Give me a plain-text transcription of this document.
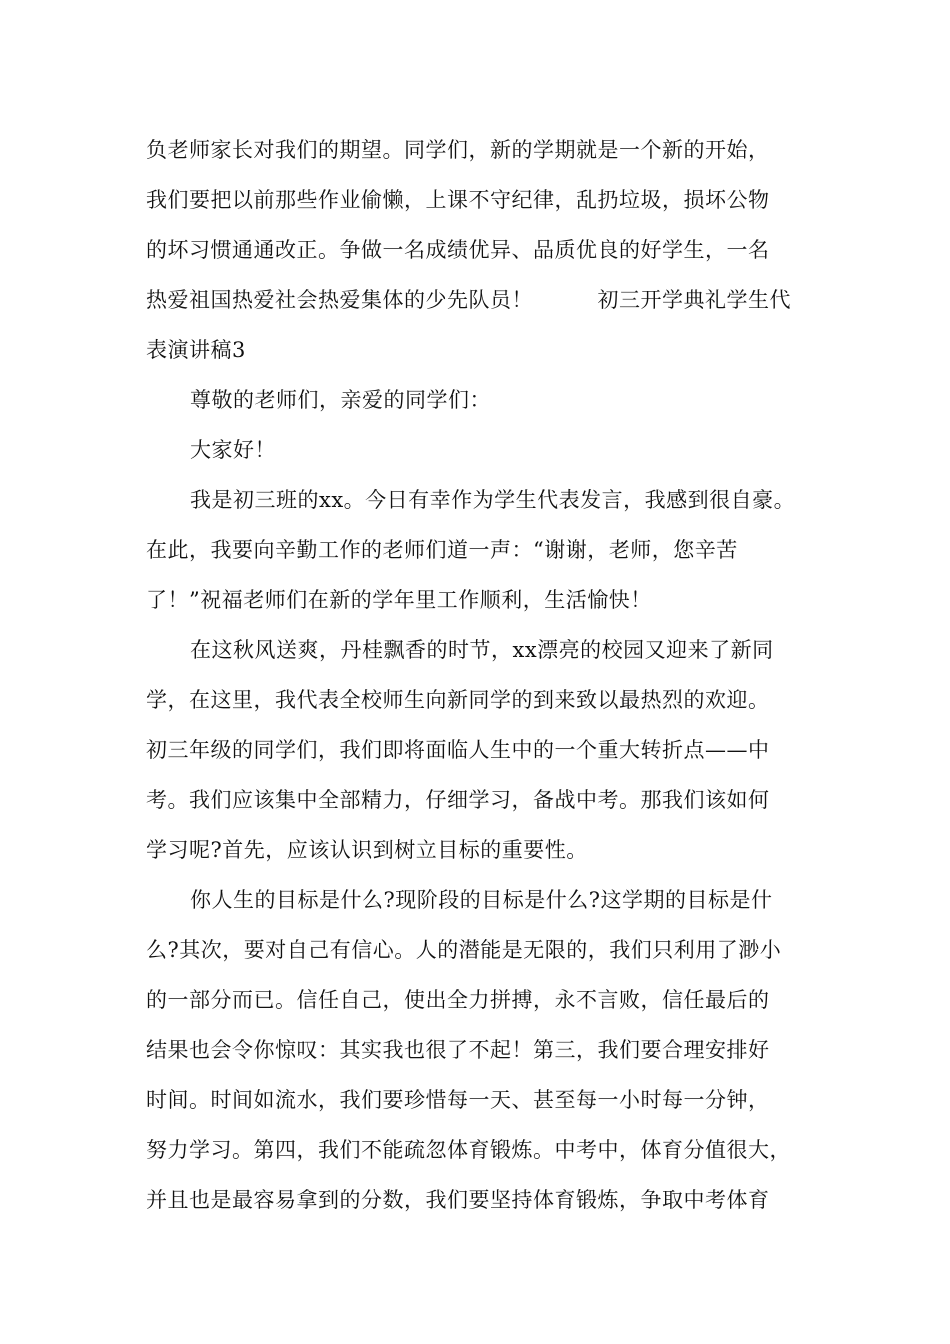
负老师家长对我们的期望。同学们，新的学期就是一个新的开始，
我们要把以前那些作业偷懒，上课不守纪律，乱扔垃圾，损坏公物
的坏习惯通通改正。争做一名成绩优异、品质优良的好学生，一名
热爱祖国热爱社会热爱集体的少先队员！　　　初三开学典礼学生代
表演讲稿3
尊敬的老师们，亲爱的同学们：
大家好！
我是初三班的xx。今日有幸作为学生代表发言，我感到很自豪。
在此，我要向辛勤工作的老师们道一声：“谢谢，老师，您辛苦
了！”祝福老师们在新的学年里工作顺利，生活愉快！
在这秋风送爽，丹桂飘香的时节，xx漂亮的校园又迎来了新同
学，在这里，我代表全校师生向新同学的到来致以最热烈的欢迎。
初三年级的同学们，我们即将面临人生中的一个重大转折点——中
考。我们应该集中全部精力，仔细学习，备战中考。那我们该如何
学习呢?首先，应该认识到树立目标的重要性。
你人生的目标是什么?现阶段的目标是什么?这学期的目标是什
么?其次，要对自己有信心。人的潜能是无限的，我们只利用了渺小
的一部分而已。信任自己，使出全力拼搏，永不言败，信任最后的
结果也会令你惊叹：其实我也很了不起！第三，我们要合理安排好
时间。时间如流水，我们要珍惜每一天、甚至每一小时每一分钟，
努力学习。第四，我们不能疏忽体育锻炼。中考中，体育分值很大，
并且也是最容易拿到的分数，我们要坚持体育锻炼，争取中考体育
